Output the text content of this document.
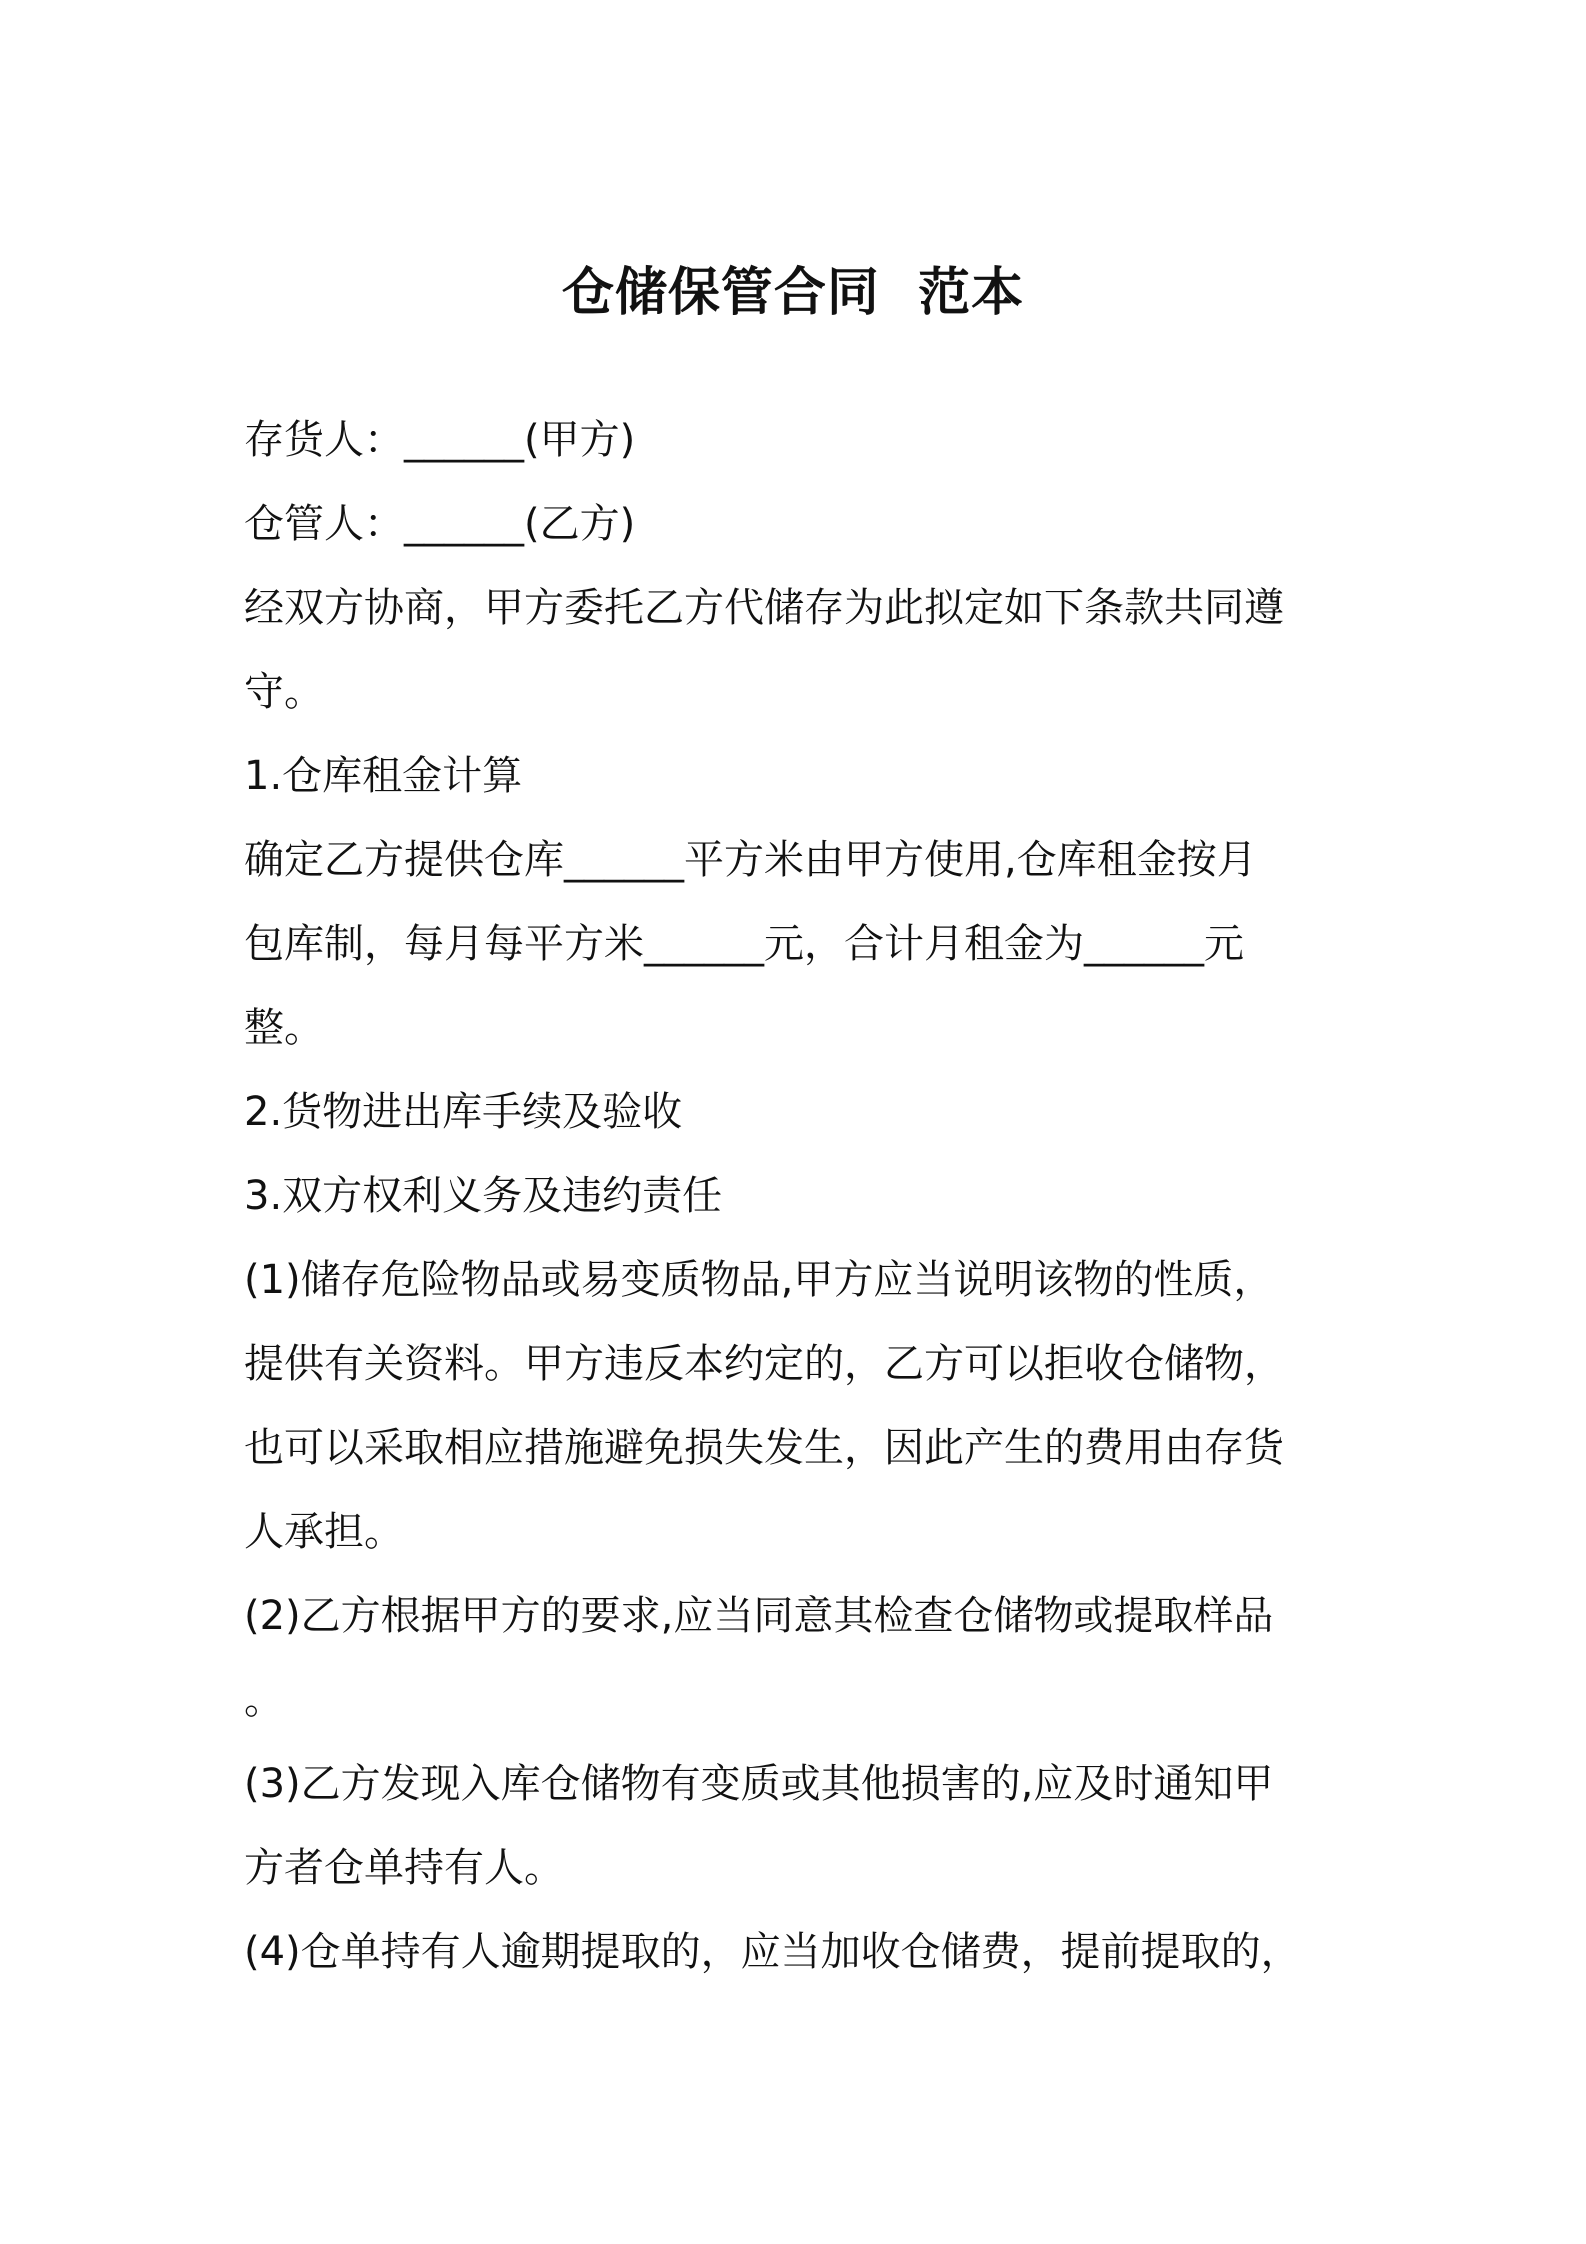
仓储保管合同  范本
存货人：______(甲方)
仓管人：______(乙方)
经双方协商，甲方委托乙方代储存为此拟定如下条款共同遵
守。
1.仓库租金计算
确定乙方提供仓库______平方米由甲方使用,仓库租金按月
包库制，每月每平方米______元，合计月租金为______元
整。
2.货物进出库手续及验收
3.双方权利义务及违约责任
(1)储存危险物品或易变质物品,甲方应当说明该物的性质，
提供有关资料。甲方违反本约定的，乙方可以拒收仓储物，
也可以采取相应措施避免损失发生，因此产生的费用由存货
人承担。
(2)乙方根据甲方的要求,应当同意其检查仓储物或提取样品
。
(3)乙方发现入库仓储物有变质或其他损害的,应及时通知甲
方者仓单持有人。
(4)仓单持有人逾期提取的，应当加收仓储费，提前提取的，
